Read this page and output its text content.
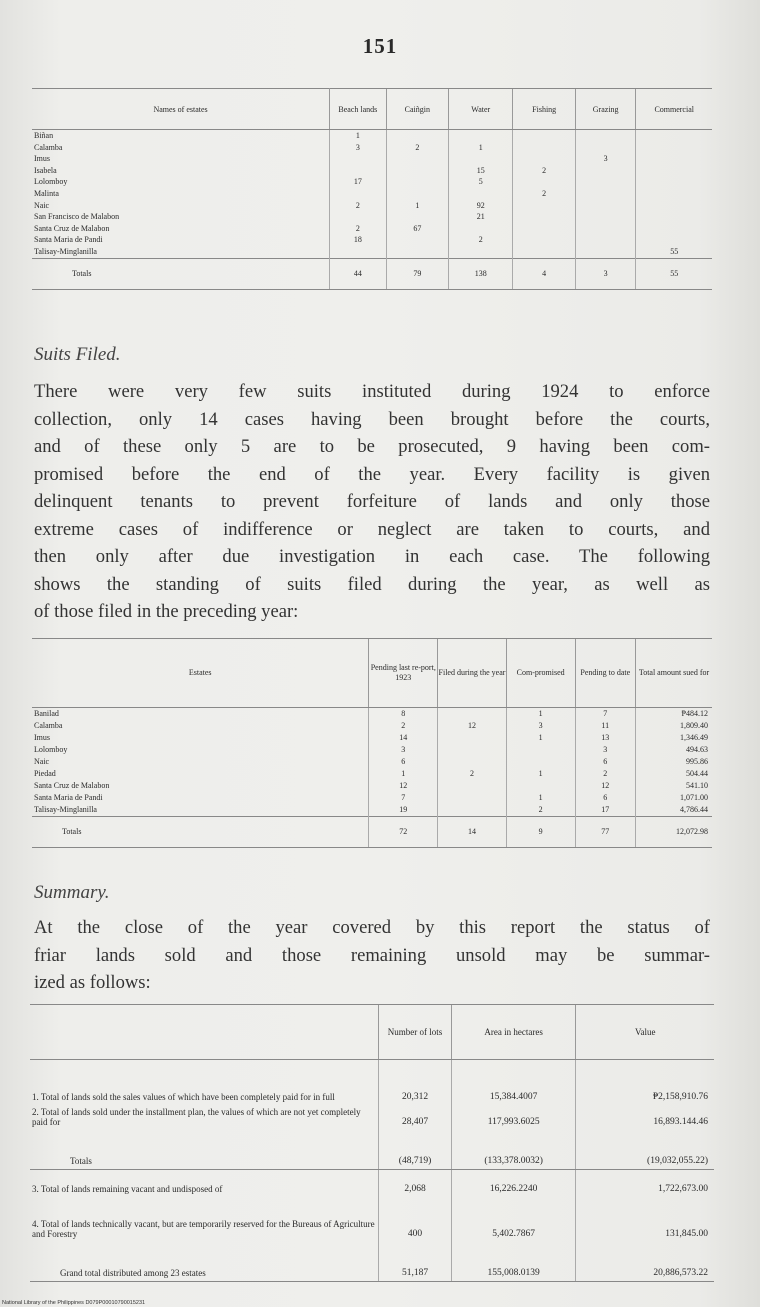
151
Names of estates	Beach lands	Caiñgin	Water	Fishing	Grazing	Commercial
Biñan	1					
Calamba	3	2	1			
Imus					3	
Isabela			15	2		
Lolomboy	17		5			
Malinta				2		
Naic	2	1	92			
San Francisco de Malabon			21			
Santa Cruz de Malabon	2	67				
Santa Maria de Pandi	18		2			
Talisay-Minglanilla						55
Totals	44	79	138	4	3	55
Suits Filed.
There were very few suits instituted during 1924 to enforce
collection, only 14 cases having been brought before the courts,
and of these only 5 are to be prosecuted, 9 having been com-
promised before the end of the year. Every facility is given
delinquent tenants to prevent forfeiture of lands and only those
extreme cases of indifference or neglect are taken to courts, and
then only after due investigation in each case. The following
shows the standing of suits filed during the year, as well as
of those filed in the preceding year:
Estates	Pending last re-port, 1923	Filed during the year	Com-promised	Pending to date	Total amount sued for
Banilad	8		1	7	₱484.12
Calamba	2	12	3	11	1,809.40
Imus	14		1	13	1,346.49
Lolomboy	3			3	494.63
Naic	6			6	995.86
Piedad	1	2	1	2	504.44
Santa Cruz de Malabon	12			12	541.10
Santa Maria de Pandi	7		1	6	1,071.00
Talisay-Minglanilla	19		2	17	4,786.44
Totals	72	14	9	77	12,072.98
Summary.
At the close of the year covered by this report the status of
friar lands sold and those remaining unsold may be summar-
ized as follows:
	Number of lots	Area in hectares	Value
1. Total of lands sold the sales values of which have been completely paid for in full	20,312	15,384.4007	₱2,158,910.76
2. Total of lands sold under the installment plan, the values of which are not yet completely paid for	28,407	117,993.6025	16,893.144.46
Totals	(48,719)	(133,378.0032)	(19,032,055.22)
3. Total of lands remaining vacant and undisposed of	2,068	16,226.2240	1,722,673.00
4. Total of lands technically vacant, but are temporarily reserved for the Bureaus of Agriculture and Forestry	400	5,402.7867	131,845.00
Grand total distributed among 23 estates	51,187	155,008.0139	20,886,573.22
National Library of the Philippines D079P00010790015231
